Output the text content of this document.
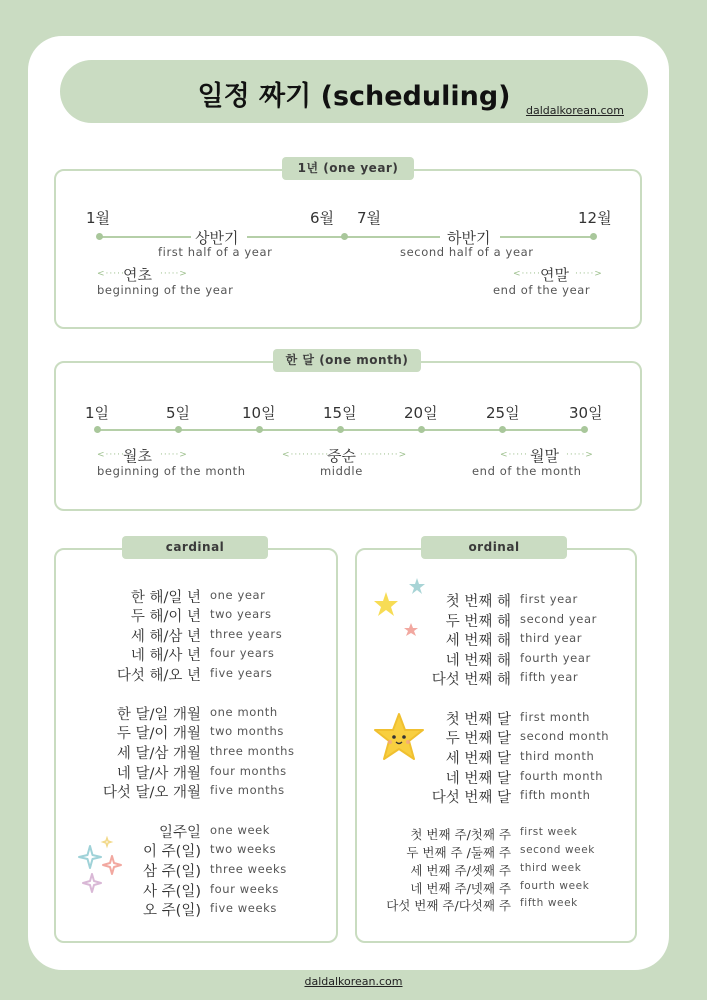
일정 짜기 (scheduling)	daldalkorean.com
1년 (one year)
1월	6월 7월	12월
상반기
first half of a year
하반기
second half of a year
<·····
연초 ·····>
beginning of the year
<····· 연말 ·····>
end of the year
한 달 (one month)
1일	5일	10일	15일	20일	25일	30일
<·····
월초 ·····>
beginning of the month
<··········
중순 ··········>
middle
<····· 월말 ·····>
end of the month
cardinal
한 해/일 년 one year
두 해/이 년 two years
세 해/삼 년 three years
네 해/사 년 four years
다섯 해/오 년 five years
한 달/일 개월 one month
두 달/이 개월 two months
세 달/삼 개월 three months
네 달/사 개월 four months
다섯 달/오 개월 five months
일주일 one week
이 주(일) two weeks
삼 주(일) three weeks
사 주(일) four weeks
오 주(일) five weeks
ordinal
첫 번째 해 first year
두 번째 해 second year
세 번째 해 third year
네 번째 해 fourth year
다섯 번째 해 fifth year
첫 번째 달 first month
두 번째 달 second month
세 번째 달 third month
네 번째 달 fourth month
다섯 번째 달 fifth month
첫 번째 주/첫째 주 first week
두 번째 주 /둘째 주 second week
세 번째 주/셋째 주 third week
네 번째 주/넷째 주 fourth week
다섯 번째 주/다섯째 주 fifth week
daldalkorean.com
